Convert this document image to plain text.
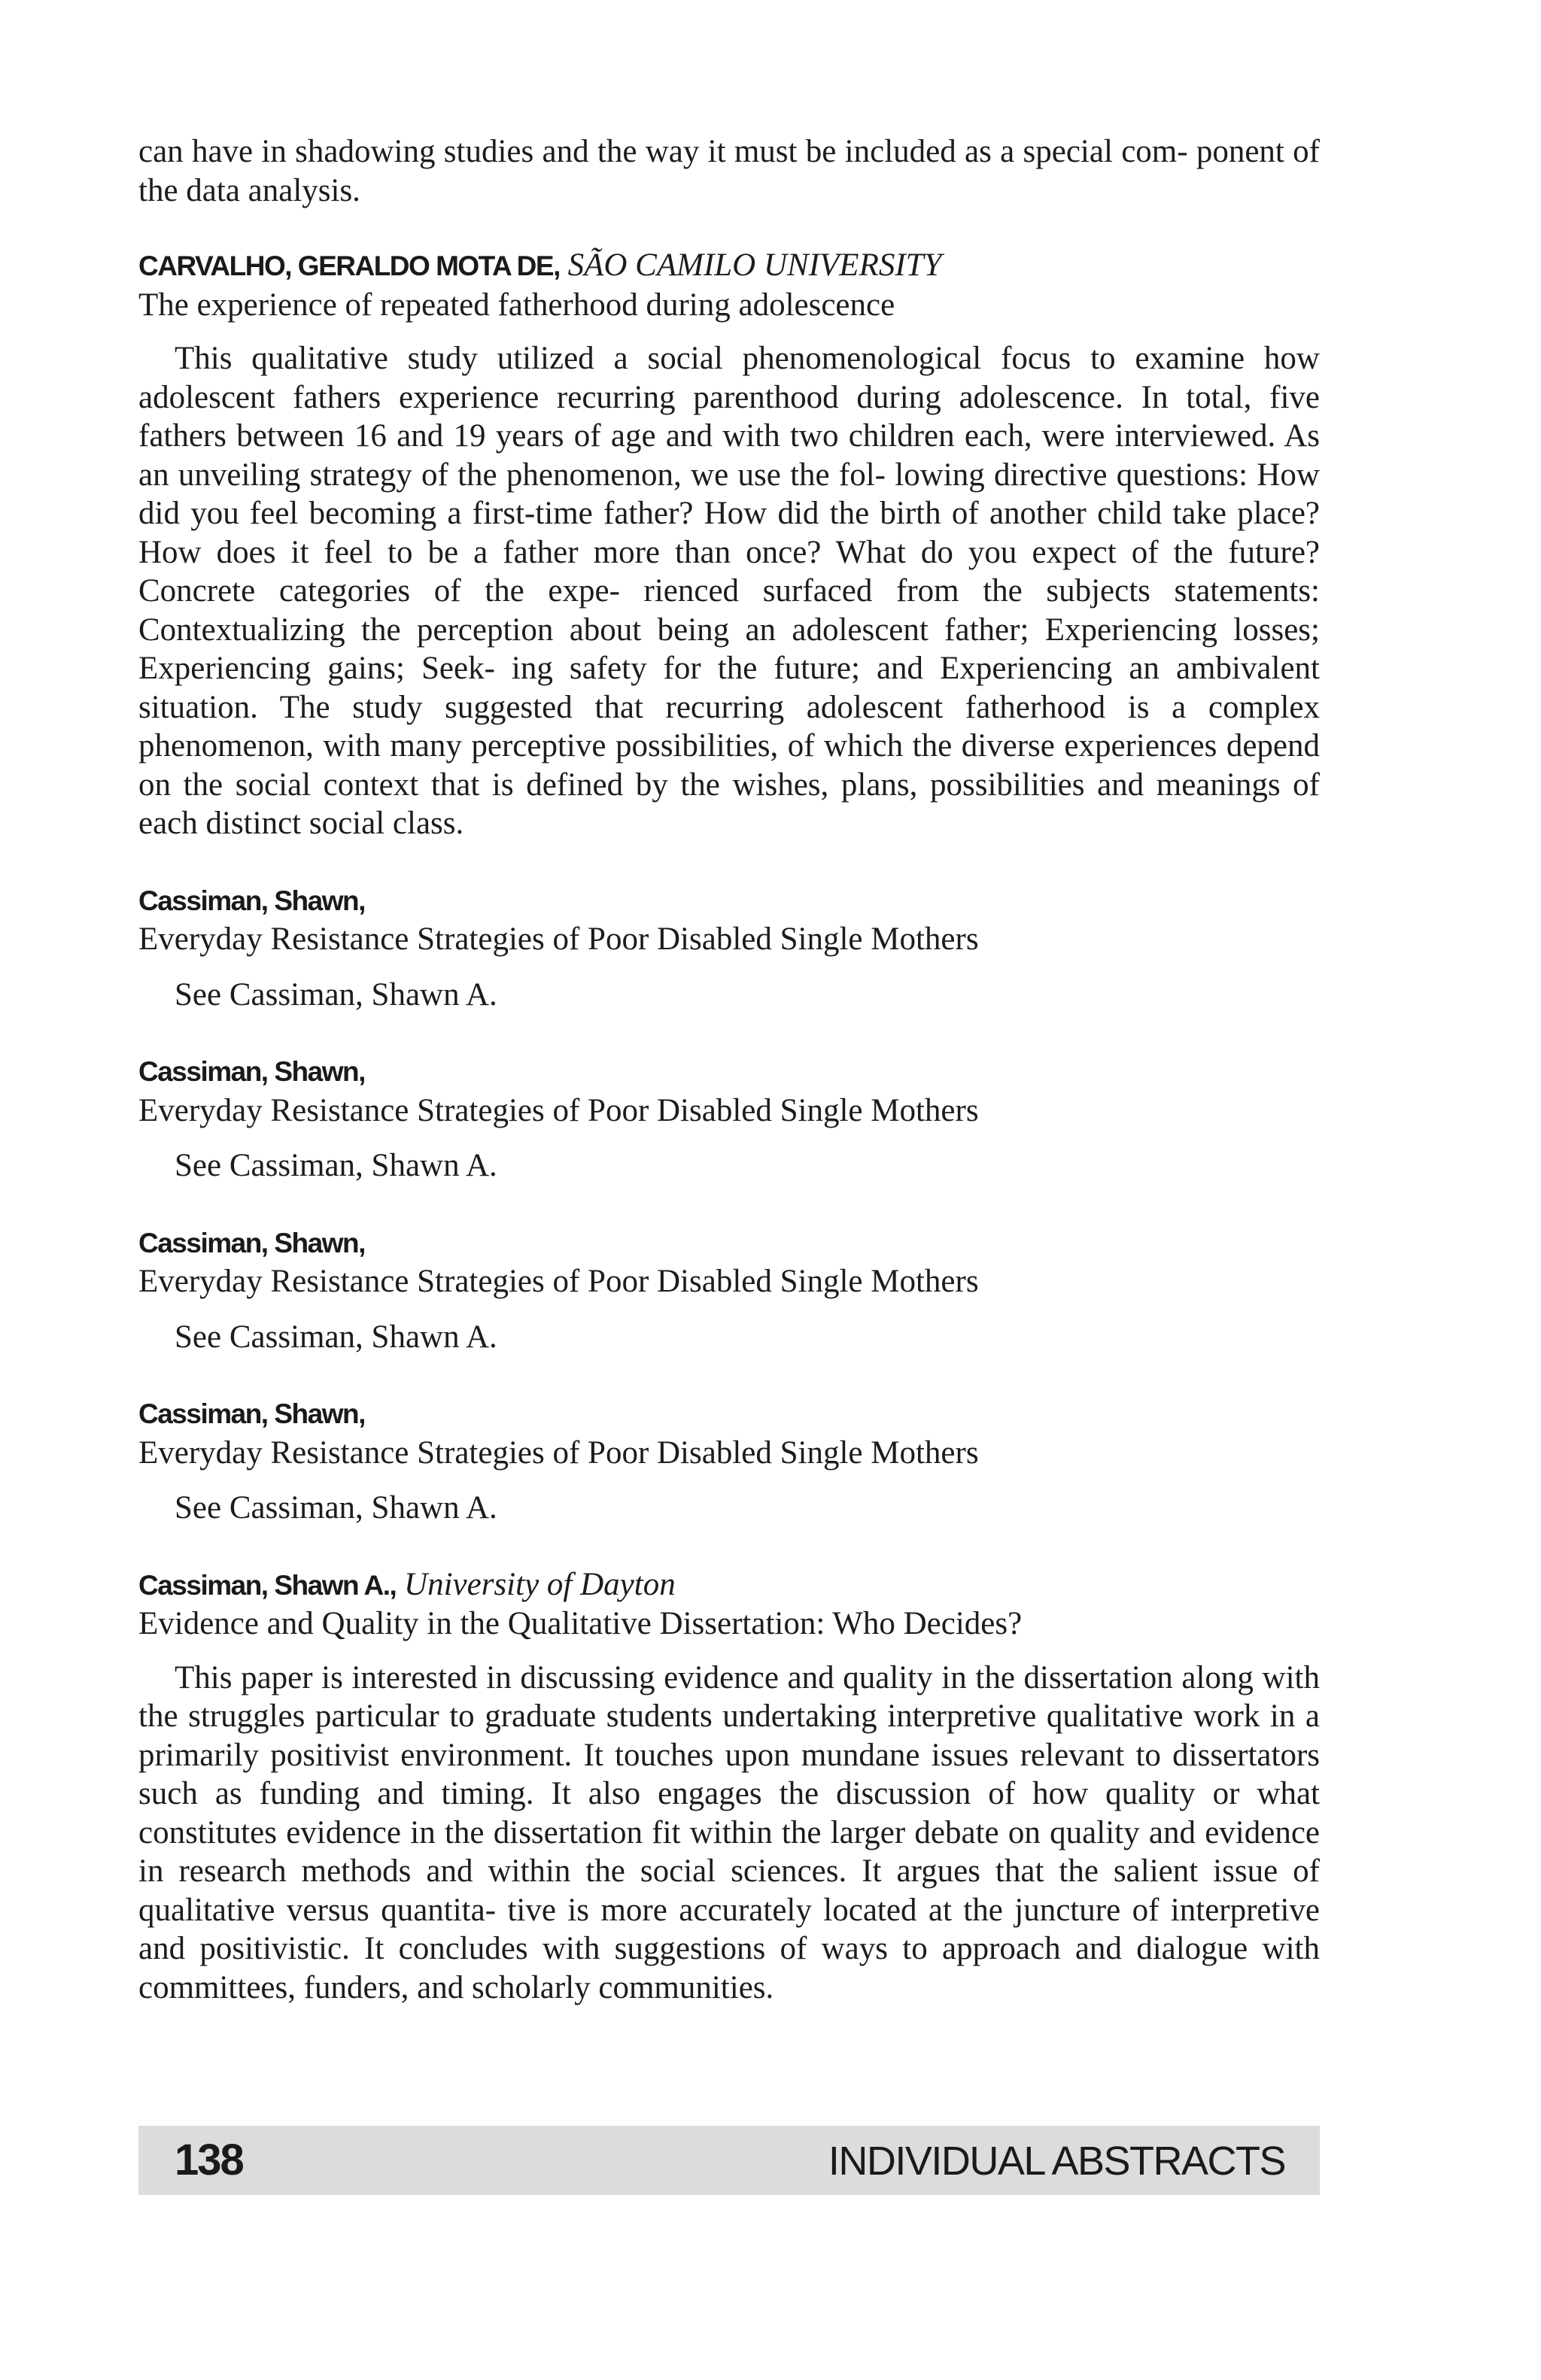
can have in shadowing studies and the way it must be included as a special com- ponent of the data analysis.

CARVALHO, GERALDO MOTA DE, SÃO CAMILO UNIVERSITY

The experience of repeated fatherhood during adolescence

This qualitative study utilized a social phenomenological focus to examine how adolescent fathers experience recurring parenthood during adolescence. In total, five fathers between 16 and 19 years of age and with two children each, were interviewed. As an unveiling strategy of the phenomenon, we use the fol- lowing directive questions: How did you feel becoming a first-time father? How did the birth of another child take place? How does it feel to be a father more than once? What do you expect of the future? Concrete categories of the expe- rienced surfaced from the subjects statements: Contextualizing the perception about being an adolescent father; Experiencing losses; Experiencing gains; Seek- ing safety for the future; and Experiencing an ambivalent situation. The study suggested that recurring adolescent fatherhood is a complex phenomenon, with many perceptive possibilities, of which the diverse experiences depend on the social context that is defined by the wishes, plans, possibilities and meanings of each distinct social class.

Cassiman, Shawn,

Everyday Resistance Strategies of Poor Disabled Single Mothers

See Cassiman, Shawn A.

Cassiman, Shawn,

Everyday Resistance Strategies of Poor Disabled Single Mothers

See Cassiman, Shawn A.

Cassiman, Shawn,

Everyday Resistance Strategies of Poor Disabled Single Mothers

See Cassiman, Shawn A.

Cassiman, Shawn,

Everyday Resistance Strategies of Poor Disabled Single Mothers

See Cassiman, Shawn A.

Cassiman, Shawn A., University of Dayton

Evidence and Quality in the Qualitative Dissertation: Who Decides?

This paper is interested in discussing evidence and quality in the dissertation along with the struggles particular to graduate students undertaking interpretive qualitative work in a primarily positivist environment. It touches upon mundane issues relevant to dissertators such as funding and timing. It also engages the discussion of how quality or what constitutes evidence in the dissertation fit within the larger debate on quality and evidence in research methods and within the social sciences. It argues that the salient issue of qualitative versus quantita- tive is more accurately located at the juncture of interpretive and positivistic. It concludes with suggestions of ways to approach and dialogue with committees, funders, and scholarly communities.

138	INDIVIDUAL ABSTRACTS
